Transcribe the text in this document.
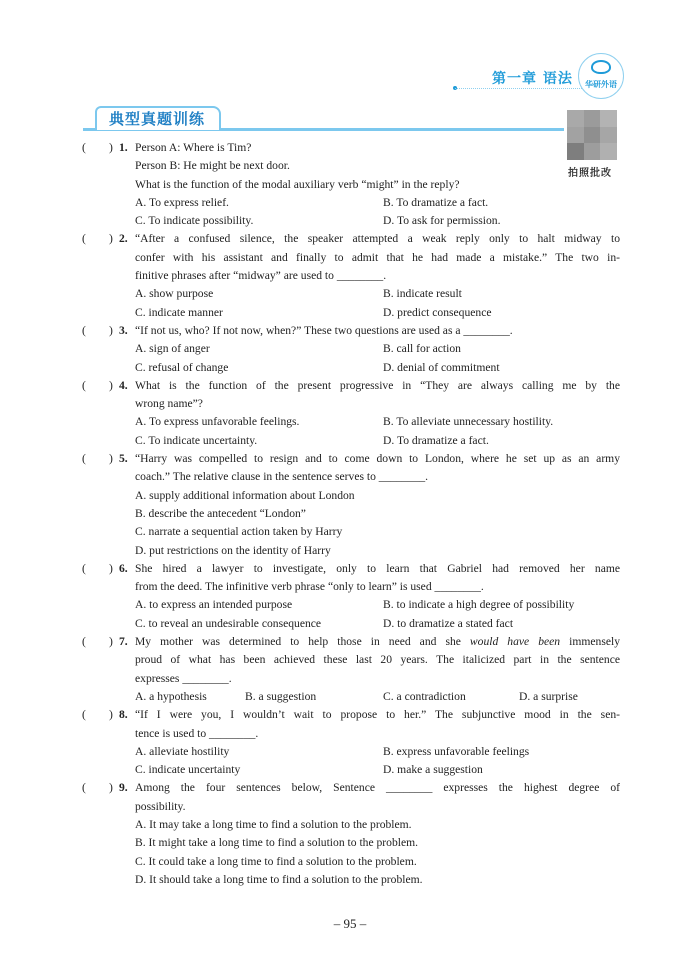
第一章 语法	华研外语
典型真题训练
拍照批改
( ) 1. Person A: Where is Tim?
Person B: He might be next door.
What is the function of the modal auxiliary verb “might” in the reply?
A. To express relief.	B. To dramatize a fact.
C. To indicate possibility.	D. To ask for permission.
( ) 2. “After a confused silence, the speaker attempted a weak reply only to halt midway to
confer with his assistant and finally to admit that he had made a mistake.” The two in-
finitive phrases after “midway” are used to ________.
A. show purpose	B. indicate result
C. indicate manner	D. predict consequence
( ) 3. “If not us, who? If not now, when?” These two questions are used as a ________.
A. sign of anger	B. call for action
C. refusal of change	D. denial of commitment
( ) 4. What is the function of the present progressive in “They are always calling me by the
wrong name”?
A. To express unfavorable feelings.	B. To alleviate unnecessary hostility.
C. To indicate uncertainty.	D. To dramatize a fact.
( ) 5. “Harry was compelled to resign and to come down to London, where he set up as an army
coach.” The relative clause in the sentence serves to ________.
A. supply additional information about London
B. describe the antecedent “London”
C. narrate a sequential action taken by Harry
D. put restrictions on the identity of Harry
( ) 6. She hired a lawyer to investigate, only to learn that Gabriel had removed her name
from the deed. The infinitive verb phrase “only to learn” is used ________.
A. to express an intended purpose	B. to indicate a high degree of possibility
C. to reveal an undesirable consequence	D. to dramatize a stated fact
( ) 7. My mother was determined to help those in need and she would have been immensely
proud of what has been achieved these last 20 years. The italicized part in the sentence
expresses ________.
A. a hypothesis	B. a suggestion	C. a contradiction	D. a surprise
( ) 8. “If I were you, I wouldn’t wait to propose to her.” The subjunctive mood in the sen-
tence is used to ________.
A. alleviate hostility	B. express unfavorable feelings
C. indicate uncertainty	D. make a suggestion
( ) 9. Among the four sentences below, Sentence ________ expresses the highest degree of
possibility.
A. It may take a long time to find a solution to the problem.
B. It might take a long time to find a solution to the problem.
C. It could take a long time to find a solution to the problem.
D. It should take a long time to find a solution to the problem.
– 95 –
